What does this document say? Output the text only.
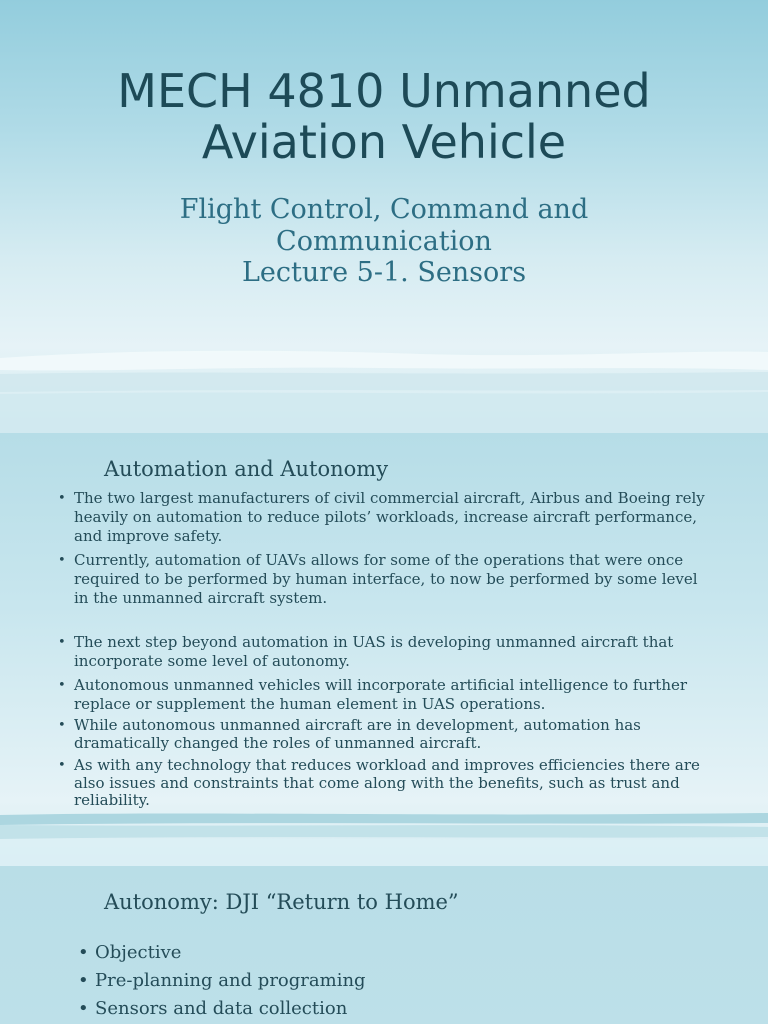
MECH 4810 Unmanned
Aviation Vehicle
Flight Control, Command and
Communication
Lecture 5-1. Sensors
Automation and Autonomy
• The two largest manufacturers of civil commercial aircraft, Airbus and Boeing rely heavily on automation to reduce pilots’ workloads, increase aircraft performance, and improve safety.
• Currently, automation of UAVs allows for some of the operations that were once required to be performed by human interface, to now be performed by some level in the unmanned aircraft system.
• The next step beyond automation in UAS is developing unmanned aircraft that incorporate some level of autonomy.
• Autonomous unmanned vehicles will incorporate artificial intelligence to further replace or supplement the human element in UAS operations.
• While autonomous unmanned aircraft are in development, automation has dramatically changed the roles of unmanned aircraft.
• As with any technology that reduces workload and improves efficiencies there are also issues and constraints that come along with the benefits, such as trust and reliability.
Autonomy: DJI “Return to Home”
• Objective
• Pre-planning and programing
• Sensors and data collection
